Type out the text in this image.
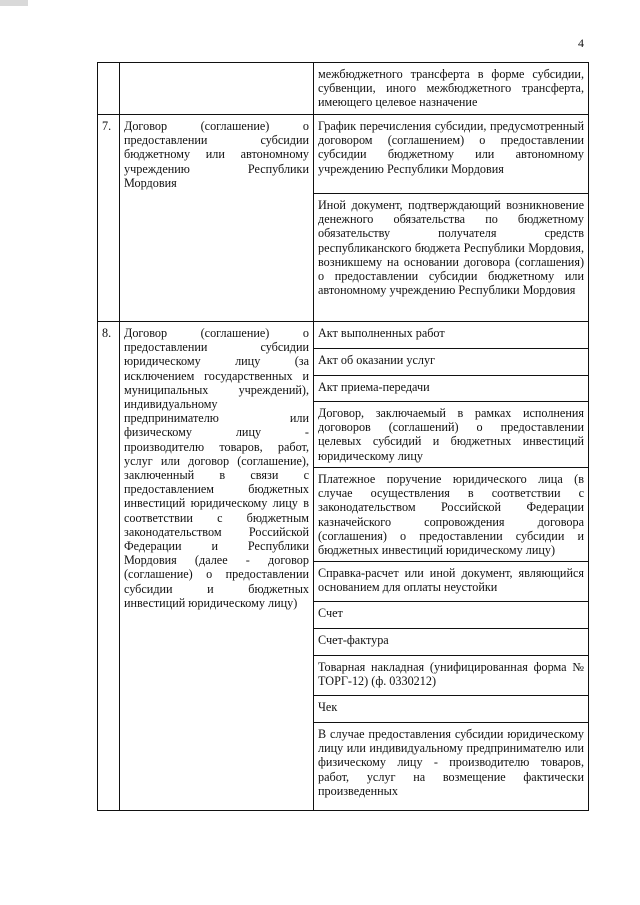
4
		межбюджетного трансферта в форме субсидии, субвенции, иного межбюджетного трансферта, имеющего целевое назначение
7.	Договор (соглашение) о предоставлении субсидии бюджетному или автономному учреждению Республики Мордовия	График перечисления субсидии, предусмотренный договором (соглашением) о предоставлении субсидии бюджетному или автономному учреждению Республики Мордовия
		Иной документ, подтверждающий возникновение денежного обязательства по бюджетному обязательству получателя средств республиканского бюджета Республики Мордовия, возникшему на основании договора (соглашения) о предоставлении субсидии бюджетному или автономному учреждению Республики Мордовия
8.	Договор (соглашение) о предоставлении субсидии юридическому лицу (за исключением государственных и муниципальных учреждений), индивидуальному предпринимателю или физическому лицу - производителю товаров, работ, услуг или договор (соглашение), заключенный в связи с предоставлением бюджетных инвестиций юридическому лицу в соответствии с бюджетным законодательством Российской Федерации и Республики Мордовия (далее - договор (соглашение) о предоставлении субсидии и бюджетных инвестиций юридическому лицу)	Акт выполненных работ
		Акт об оказании услуг
		Акт приема-передачи
		Договор, заключаемый в рамках исполнения договоров (соглашений) о предоставлении целевых субсидий и бюджетных инвестиций юридическому лицу
		Платежное поручение юридического лица (в случае осуществления в соответствии с законодательством Российской Федерации казначейского сопровождения договора (соглашения) о предоставлении субсидии и бюджетных инвестиций юридическому лицу)
		Справка-расчет или иной документ, являющийся основанием для оплаты неустойки
		Счет
		Счет-фактура
		Товарная накладная (унифицированная форма № ТОРГ-12) (ф. 0330212)
		Чек
		В случае предоставления субсидии юридическому лицу или индивидуальному предпринимателю или физическому лицу - производителю товаров, работ, услуг на возмещение фактически произведенных
